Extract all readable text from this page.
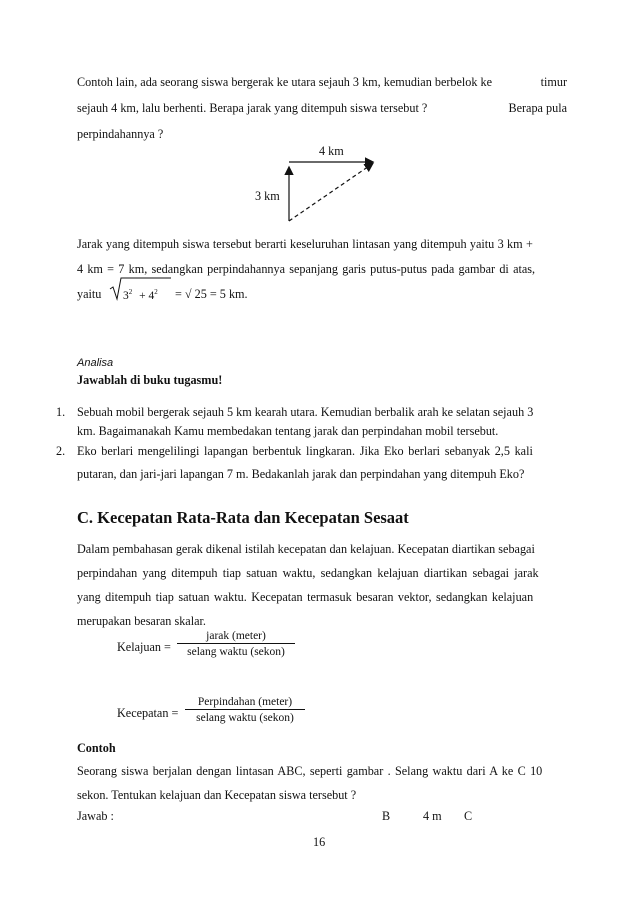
Contoh lain, ada seorang siswa bergerak ke utara sejauh 3 km, kemudian berbelok ke	timur
sejauh 4 km, lalu berhenti. Berapa jarak yang ditempuh siswa tersebut ?	Berapa pula
perpindahannya ?
4 km
3 km
Jarak yang ditempuh siswa tersebut berarti keseluruhan lintasan yang ditempuh yaitu 3 km +
4 km = 7 km, sedangkan perpindahannya sepanjang garis putus-putus pada gambar di atas,
yaitu $3^2 + 4^2$ = √ 25 = 5 km.
Analisa
Jawablah di buku tugasmu!
1. Sebuah mobil bergerak sejauh 5 km kearah utara. Kemudian berbalik arah ke selatan sejauh 3
km. Bagaimanakah Kamu membedakan tentang jarak dan perpindahan mobil tersebut.
2. Eko berlari mengelilingi lapangan berbentuk lingkaran. Jika Eko berlari sebanyak 2,5 kali
putaran, dan jari-jari lapangan 7 m. Bedakanlah jarak dan perpindahan yang ditempuh Eko?
C. Kecepatan Rata-Rata dan Kecepatan Sesaat
Dalam pembahasan gerak dikenal istilah kecepatan dan kelajuan. Kecepatan diartikan sebagai
perpindahan yang ditempuh tiap satuan waktu, sedangkan kelajuan diartikan sebagai jarak
yang ditempuh tiap satuan waktu. Kecepatan termasuk besaran vektor, sedangkan kelajuan
merupakan besaran skalar.
Kelajuan =
jarak (meter)
selang waktu (sekon)
Kecepatan =
Perpindahan (meter)
selang waktu (sekon)
Contoh
Seorang siswa berjalan dengan lintasan ABC, seperti gambar . Selang waktu dari A ke C 10
sekon. Tentukan kelajuan dan Kecepatan siswa tersebut ?
Jawab :	B	4 m C
16
